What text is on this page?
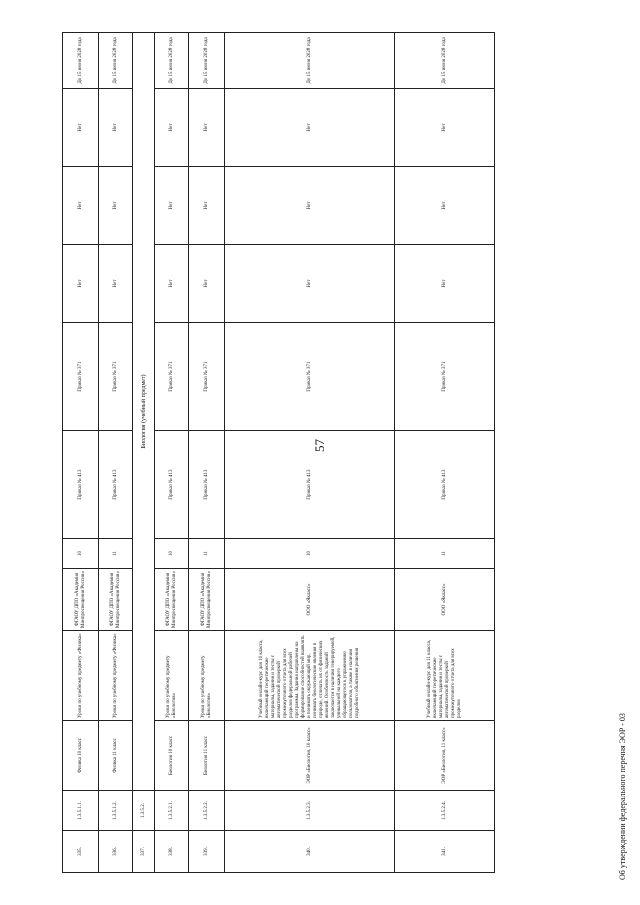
57
335.	1.3.5.1.1.	Физика 10 класс	Уроки по учебному предмету «Физика»	ФГАОУ ДПО «Академия Минпросвещения России»	10	Приказ № 413	Приказ № 371	Нет	Нет	Нет	До 15 июня 2028 года
336.	1.3.5.1.2.	Физика 11 класс	Уроки по учебному предмету «Физика»	ФГАОУ ДПО «Академия Минпросвещения России»	11	Приказ № 413	Приказ № 371	Нет	Нет	Нет	До 15 июня 2028 года
337.	1.3.5.2.	Биология (учебный предмет)									
338.	1.3.5.2.1.	Биология 10 класс	Уроки по учебному предмету «Биология»	ФГАОУ ДПО «Академия Минпросвещения России»	10	Приказ № 413	Приказ № 371	Нет	Нет	Нет	До 15 июня 2028 года
339.	1.3.5.2.2.	Биология 11 класс	Уроки по учебному предмету «Биология»	ФГАОУ ДПО «Академия Минпросвещения России»	11	Приказ № 413	Приказ № 371	Нет	Нет	Нет	До 15 июня 2028 года
340.	1.3.5.2.3.	ЭОР «Биология, 10 класс»	Учебный онлайн-курс для 10 класса, включающий теоретические материалы, задания и тесты с автоматической проверкой промежуточного отчета для всех разделов федеральной рабочей программы. Задания направлены на формирование способностей выявлять и понимать окружающий мир, понимать биологические явления в природе, отличать их от физических явлений. Особенность заданий заключается в наличии генерируемой, уникальной на каждого обращающегося к упражнению пользователя, а также в наличии подробного объяснения решения	ООО «Якласс»	10	Приказ № 413	Приказ № 371	Нет	Нет	Нет	До 15 июня 2028 года
341.	1.3.5.2.4.	ЭОР «Биология, 11 класс»	Учебный онлайн-курс для 11 класса, включающий теоретические материалы, задания и тесты с автоматической проверкой промежуточного отчета для всех разделов	ООО «Якласс»	11	Приказ № 413	Приказ № 371	Нет	Нет	Нет	До 15 июня 2028 года
Об утверждении федерального перечня ЭОР - 03
